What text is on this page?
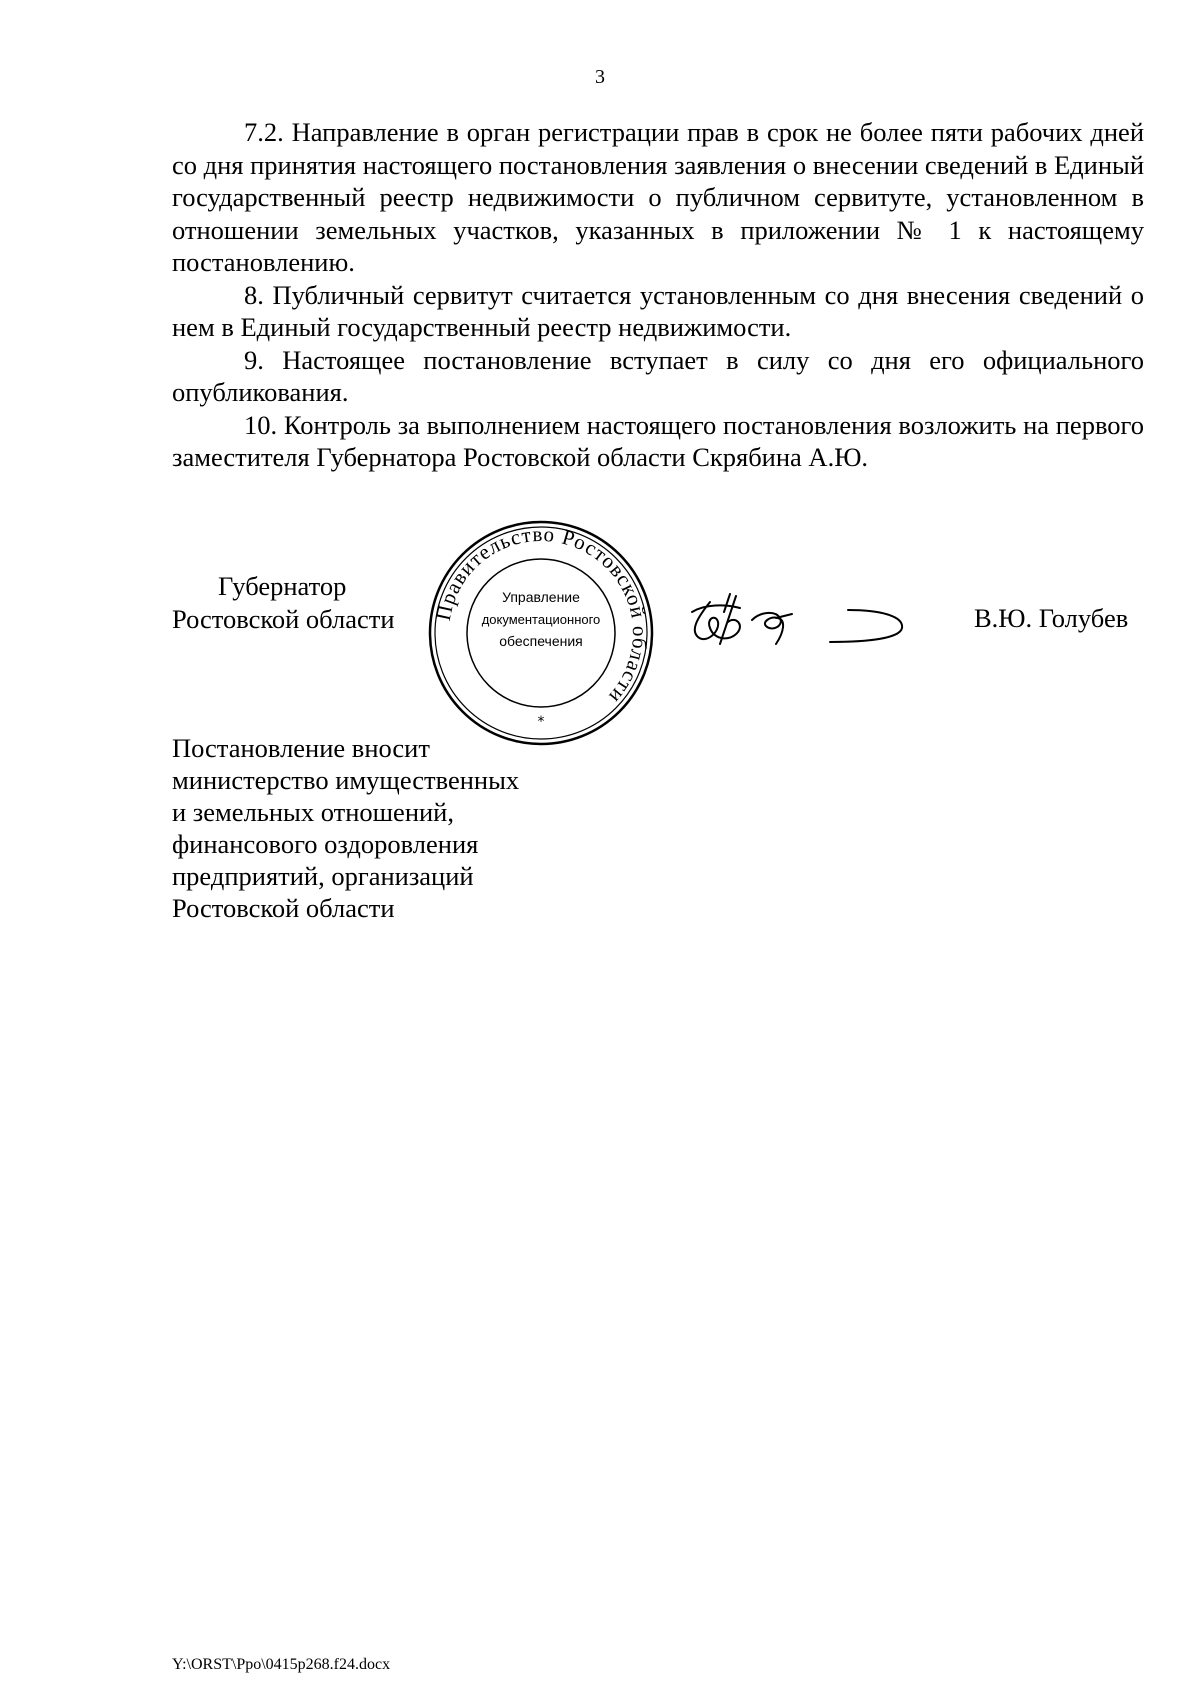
3

7.2. Направление в орган регистрации прав в срок не более пяти рабочих дней со дня принятия настоящего постановления заявления о внесении сведений в Единый государственный реестр недвижимости о публичном сервитуте, установленном в отношении земельных участков, указанных в приложении № 1 к настоящему постановлению.

8. Публичный сервитут считается установленным со дня внесения сведений о нем в Единый государственный реестр недвижимости.

9. Настоящее постановление вступает в силу со дня его официального опубликования.

10. Контроль за выполнением настоящего постановления возложить на первого заместителя Губернатора Ростовской области Скрябина А.Ю.

Губернатор
Ростовской области Правительство Ростовской области
Управление
документационного
обеспечения
*
В.Ю. Голубев
Постановление вносит
министерство имущественных
и земельных отношений,
финансового оздоровления
предприятий, организаций
Ростовской области
Y:\ORST\Ppo\0415p268.f24.docx
